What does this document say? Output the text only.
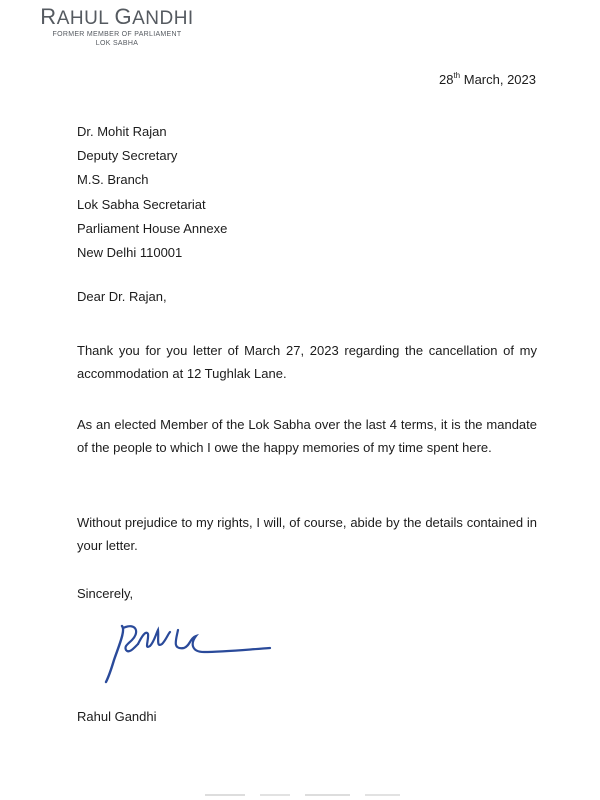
RAHUL GANDHI
FORMER MEMBER OF PARLIAMENT
LOK SABHA
28th March, 2023
Dr. Mohit Rajan
Deputy Secretary
M.S. Branch
Lok Sabha Secretariat
Parliament House Annexe
New Delhi 110001
Dear Dr. Rajan,
Thank you for you letter of March 27, 2023 regarding the cancellation of my accommodation at 12 Tughlak Lane.
As an elected Member of the Lok Sabha over the last 4 terms, it is the mandate of the people to which I owe the happy memories of my time spent here.
Without prejudice to my rights, I will, of course, abide by the details contained in your letter.
Sincerely,
Rahul Gandhi
